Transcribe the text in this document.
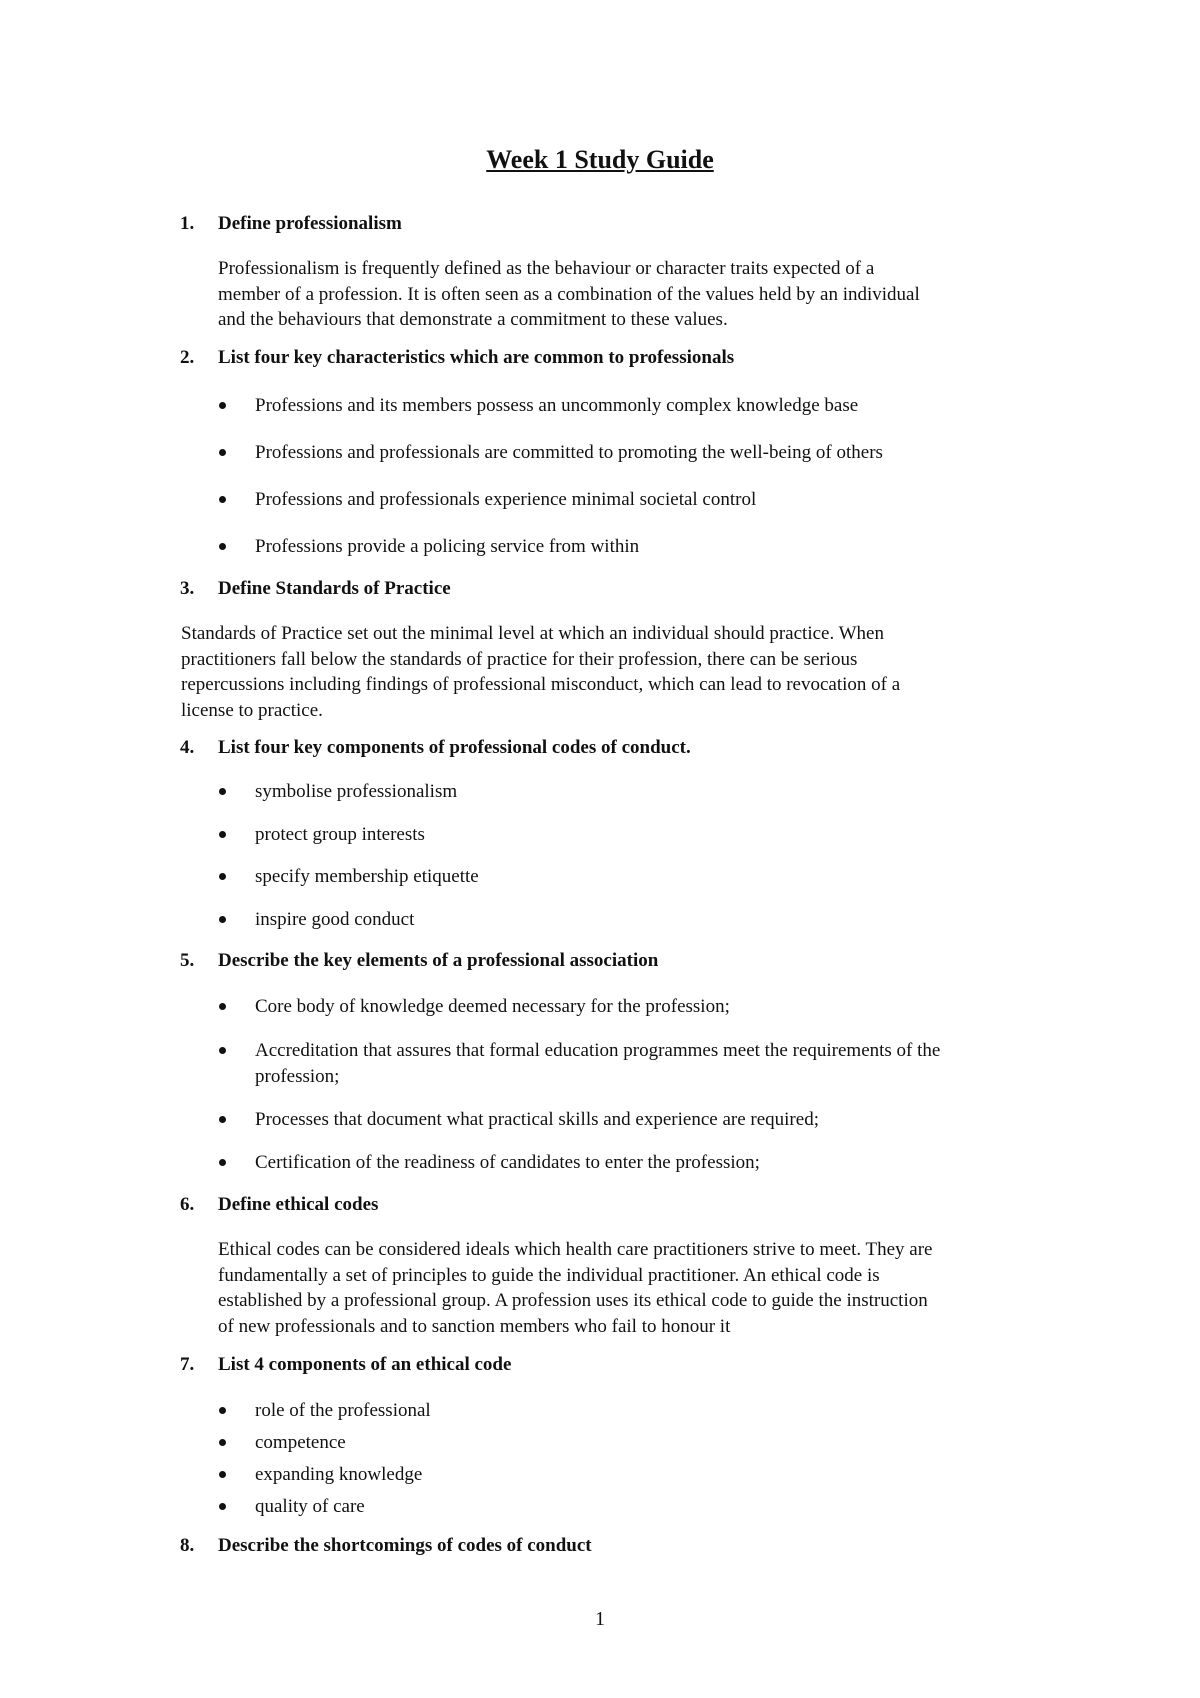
Week 1 Study Guide
1. Define professionalism
Professionalism is frequently defined as the behaviour or character traits expected of a
member of a profession. It is often seen as a combination of the values held by an individual
and the behaviours that demonstrate a commitment to these values.
2. List four key characteristics which are common to professionals
Professions and its members possess an uncommonly complex knowledge base
Professions and professionals are committed to promoting the well-being of others
Professions and professionals experience minimal societal control
Professions provide a policing service from within
3. Define Standards of Practice
Standards of Practice set out the minimal level at which an individual should practice. When
practitioners fall below the standards of practice for their profession, there can be serious
repercussions including findings of professional misconduct, which can lead to revocation of a
license to practice.
4. List four key components of professional codes of conduct.
symbolise professionalism
protect group interests
specify membership etiquette
inspire good conduct
5. Describe the key elements of a professional association
Core body of knowledge deemed necessary for the profession;
Accreditation that assures that formal education programmes meet the requirements of the
profession;
Processes that document what practical skills and experience are required;
Certification of the readiness of candidates to enter the profession;
6. Define ethical codes
Ethical codes can be considered ideals which health care practitioners strive to meet. They are
fundamentally a set of principles to guide the individual practitioner. An ethical code is
established by a professional group. A profession uses its ethical code to guide the instruction
of new professionals and to sanction members who fail to honour it
7. List 4 components of an ethical code
role of the professional
competence
expanding knowledge
quality of care
8. Describe the shortcomings of codes of conduct
1
